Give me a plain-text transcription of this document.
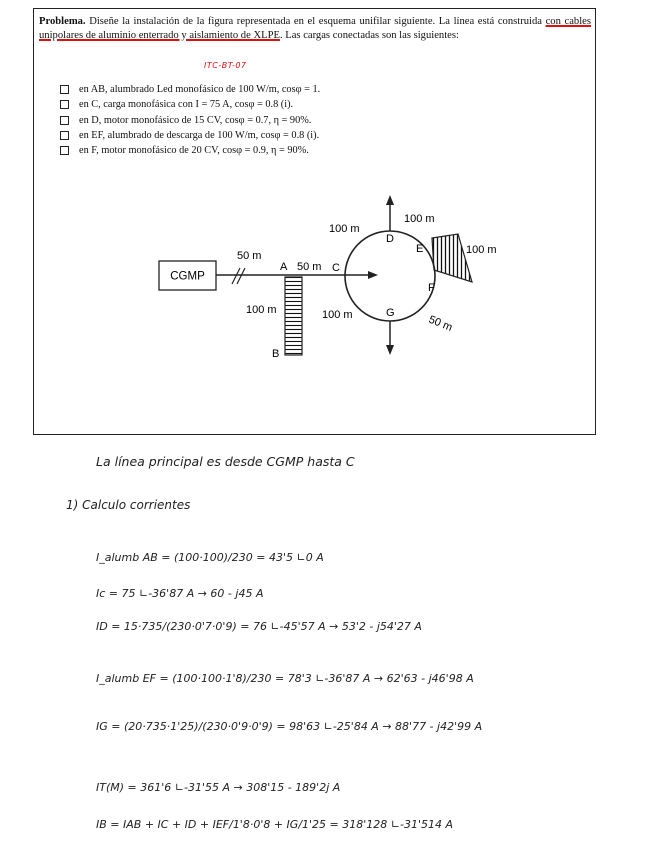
Problema. Diseñe la instalación de la figura representada en el esquema unifilar siguiente. La línea está construida con cables unipolares de aluminio enterrado y aislamiento de XLPE. Las cargas conectadas son las siguientes:
ITC-BT-07
en AB, alumbrado Led monofásico de 100 W/m, cosφ = 1.
en C, carga monofásica con I = 75 A, cosφ = 0.8 (i).
en D, motor monofásico de 15 CV, cosφ = 0.7, η = 90%.
en EF, alumbrado de descarga de 100 W/m, cosφ = 0.8 (i).
en F, motor monofásico de 20 CV, cosφ = 0.9, η = 90%.
CGMP
A
B
C
D
E
F
G
50 m
50 m
100 m
100 m
100 m
100 m
50 m
100 m
La línea principal es desde CGMP hasta C
1) Calculo corrientes
I_alumb AB = (100·100)/230 = 43'5 ∟0 A
Ic = 75 ∟-36'87 A → 60 - j45 A
ID = 15·735/(230·0'7·0'9) = 76 ∟-45'57 A → 53'2 - j54'27 A
I_alumb EF = (100·100·1'8)/230 = 78'3 ∟-36'87 A → 62'63 - j46'98 A
IG = (20·735·1'25)/(230·0'9·0'9) = 98'63 ∟-25'84 A → 88'77 - j42'99 A
IT(M) = 361'6 ∟-31'55 A → 308'15 - 189'2j A
IB = IAB + IC + ID + IEF/1'8·0'8 + IG/1'25 = 318'128 ∟-31'514 A
